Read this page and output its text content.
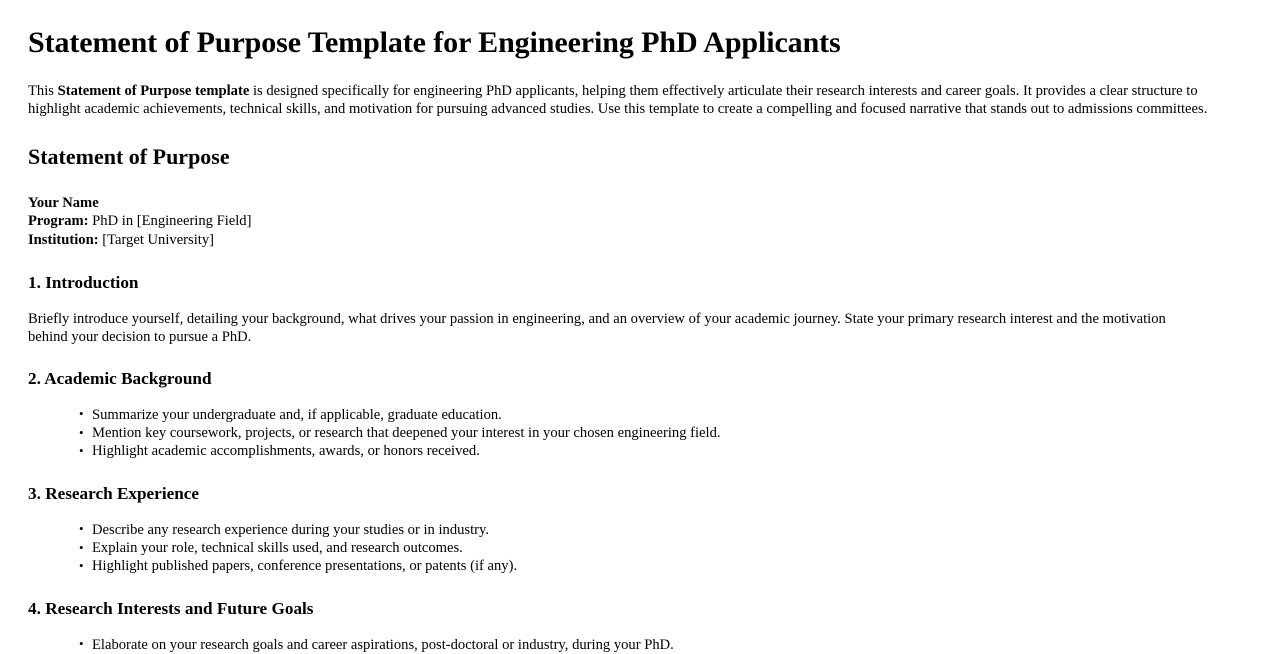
Statement of Purpose Template for Engineering PhD Applicants

This Statement of Purpose template is designed specifically for engineering PhD applicants, helping them effectively articulate their research interests and career goals. It provides a clear structure to highlight academic achievements, technical skills, and motivation for pursuing advanced studies. Use this template to create a compelling and focused narrative that stands out to admissions committees.

Statement of Purpose
Your Name
Program: PhD in [Engineering Field]
Institution: [Target University]
1. Introduction

Briefly introduce yourself, detailing your background, what drives your passion in engineering, and an overview of your academic journey. State your primary research interest and the motivation behind your decision to pursue a PhD.

2. Academic Background
• Summarize your undergraduate and, if applicable, graduate education.
• Mention key coursework, projects, or research that deepened your interest in your chosen engineering field.
• Highlight academic accomplishments, awards, or honors received.
3. Research Experience
• Describe any research experience during your studies or in industry.
• Explain your role, technical skills used, and research outcomes.
• Highlight published papers, conference presentations, or patents (if any).
4. Research Interests and Future Goals
• Elaborate on your research goals and career aspirations, post-doctoral or industry, during your PhD.
